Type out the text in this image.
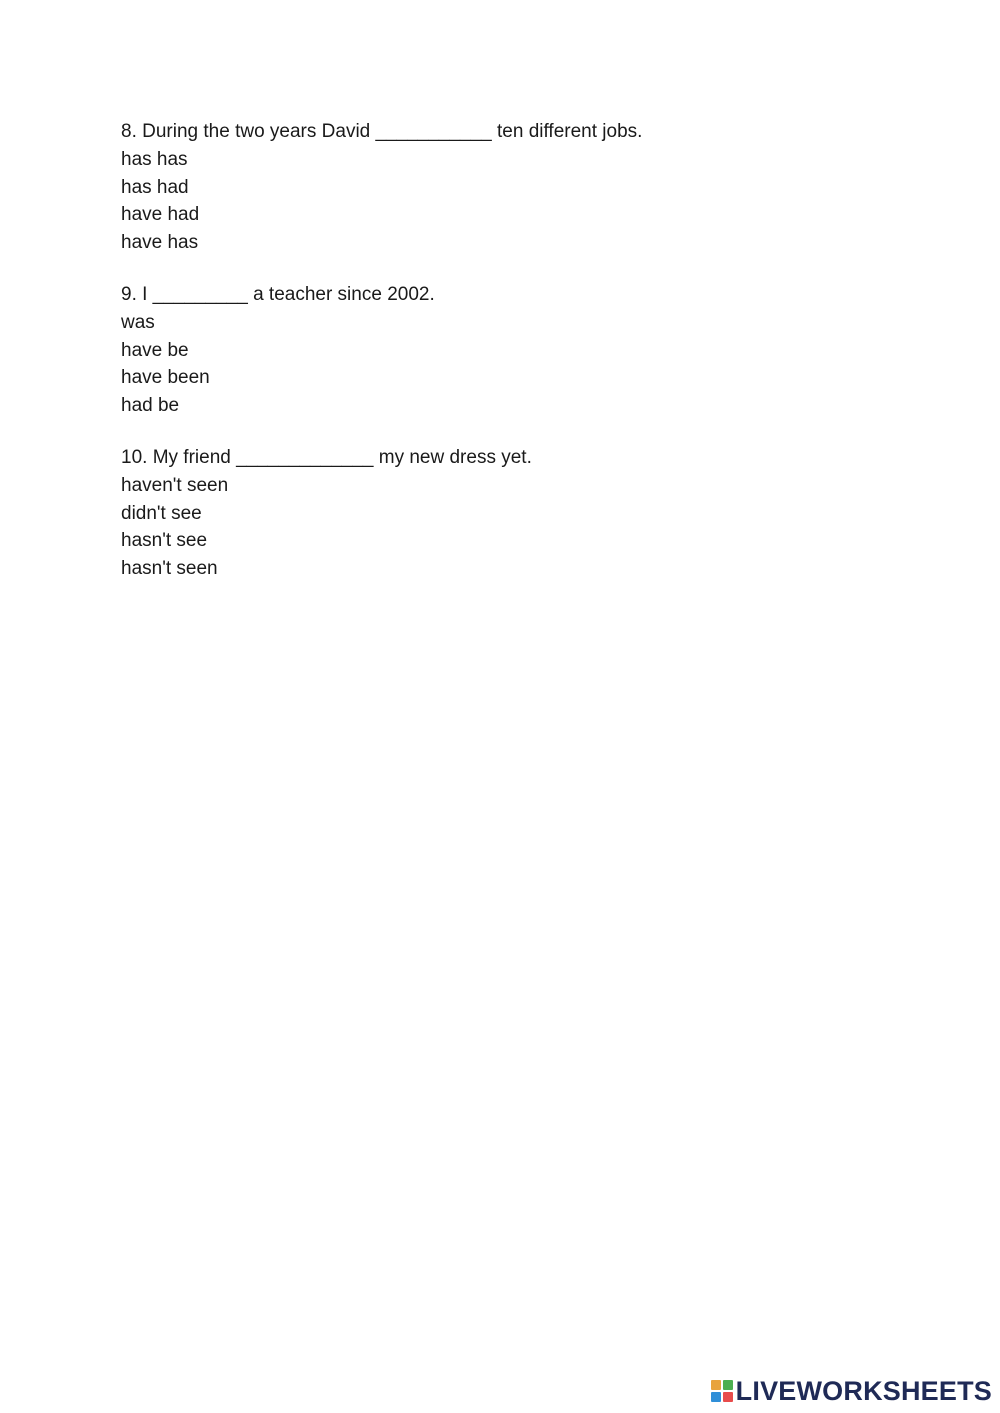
8. During the two years David ___________ ten different jobs.

has has

has had

have had

have has

9. I _________ a teacher since 2002.

was

have be

have been

had be

10. My friend _____________ my new dress yet.

haven't seen

didn't see

hasn't see

hasn't seen

LIVEWORKSHEETS
